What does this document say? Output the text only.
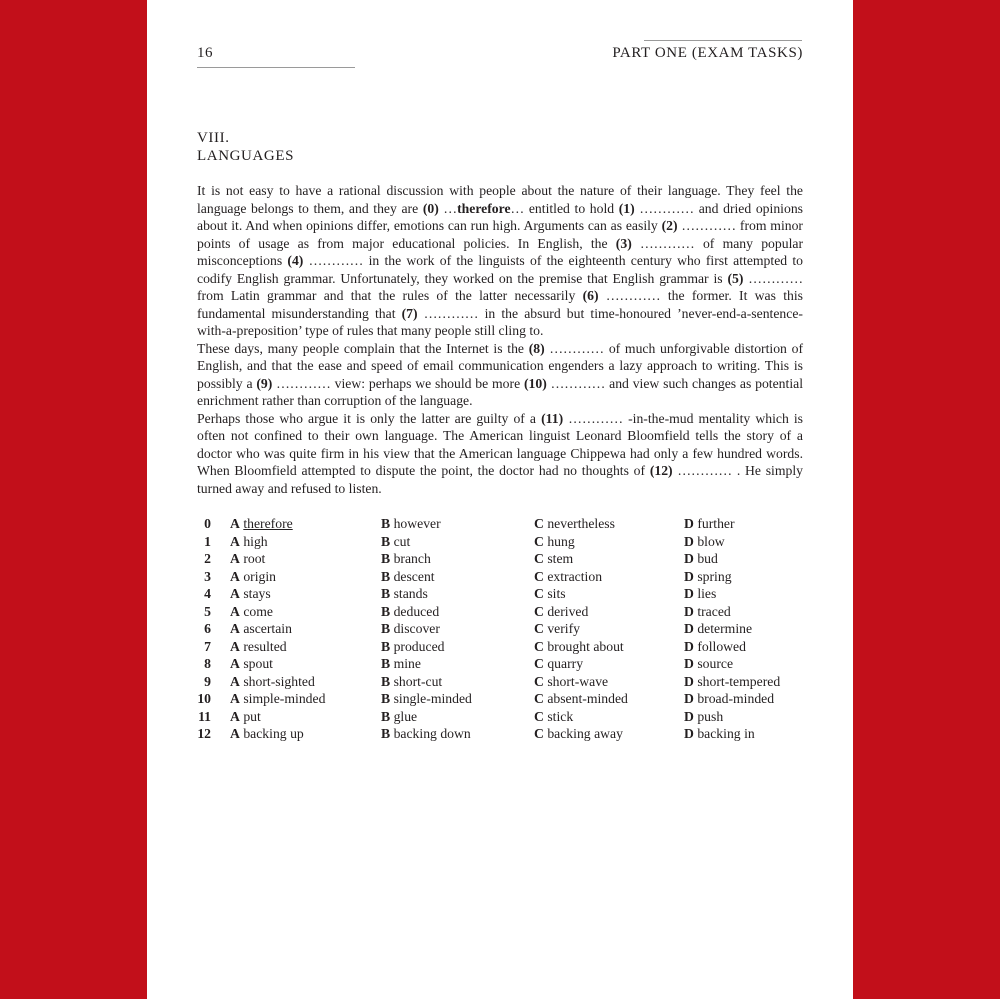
16	PART ONE (EXAM TASKS)
VIII.
LANGUAGES

It is not easy to have a rational discussion with people about the nature of their language. They feel the language belongs to them, and they are (0) …therefore… entitled to hold (1) ………… and dried opinions about it. And when opinions differ, emotions can run high. Arguments can as easily (2) ………… from minor points of usage as from major educational policies. In English, the (3) ………… of many popular misconceptions (4) ………… in the work of the linguists of the eighteenth century who first attempted to codify English grammar. Unfortunately, they worked on the premise that English grammar is (5) ………… from Latin grammar and that the rules of the latter necessarily (6) ………… the former. It was this fundamental misunderstanding that (7) ………… in the absurd but time-honoured ’never-end-a-sentence-with-a-preposition’ type of rules that many people still cling to.

These days, many people complain that the Internet is the (8) ………… of much unforgivable distortion of English, and that the ease and speed of email communication engenders a lazy approach to writing. This is possibly a (9) ………… view: perhaps we should be more (10) ………… and view such changes as potential enrichment rather than corruption of the language.

Perhaps those who argue it is only the latter are guilty of a (11) ………… -in-the-mud mentality which is often not confined to their own language. The American linguist Leonard Bloomfield tells the story of a doctor who was quite firm in his view that the American language Chippewa had only a few hundred words. When Bloomfield attempted to dispute the point, the doctor had no thoughts of (12) ………… . He simply turned away and refused to listen.

0 A therefore	B however	C nevertheless	D further
1 A high	B cut	C hung	D blow
2 A root	B branch	C stem	D bud
3 A origin	B descent	C extraction	D spring
4 A stays	B stands	C sits	D lies
5 A come	B deduced	C derived	D traced
6 A ascertain	B discover	C verify	D determine
7 A resulted	B produced	C brought about	D followed
8 A spout	B mine	C quarry	D source
9 A short-sighted	B short-cut	C short-wave	D short-tempered
10 A simple-minded	B single-minded	C absent-minded	D broad-minded
11 A put	B glue	C stick	D push
12 A backing up	B backing down	C backing away	D backing in
